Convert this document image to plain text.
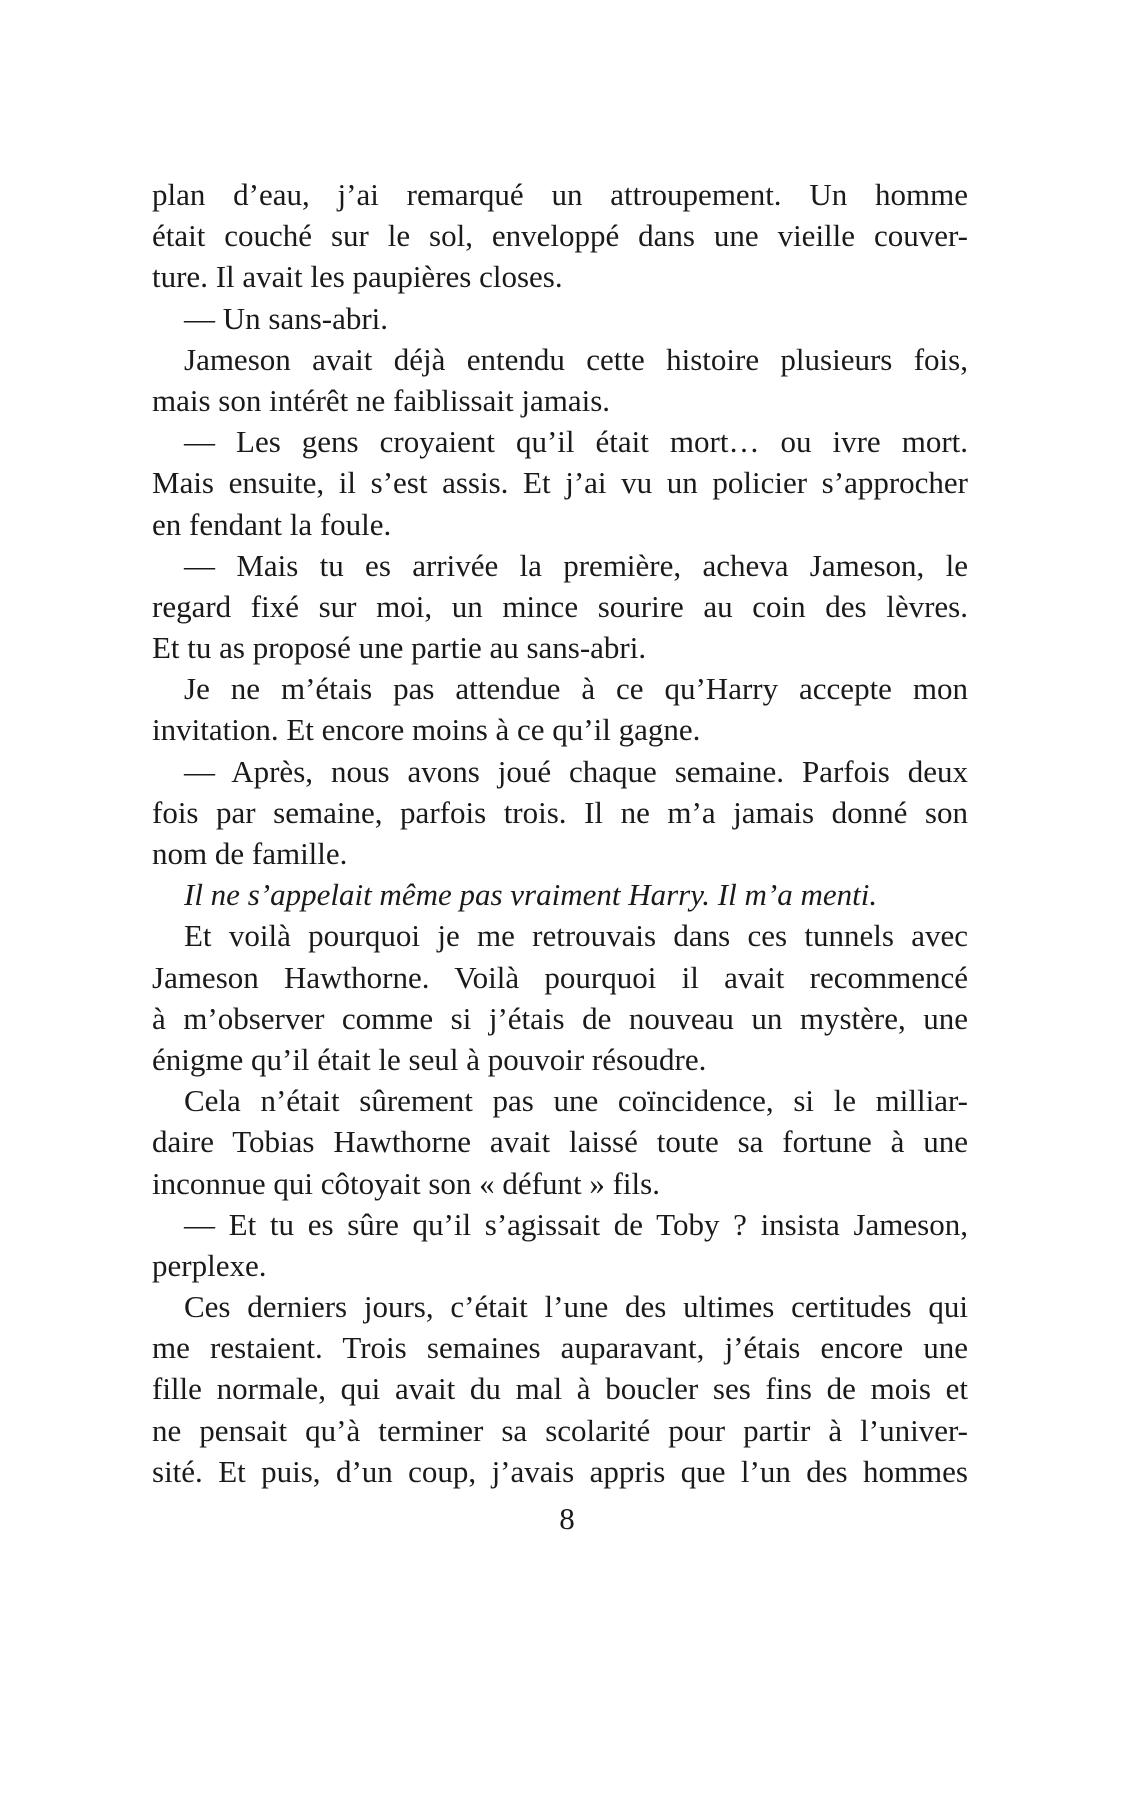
plan d’eau, j’ai remarqué un attroupement. Un homme
était couché sur le sol, enveloppé dans une vieille couver-
ture. Il avait les paupières closes.
— Un sans-abri.
Jameson avait déjà entendu cette histoire plusieurs fois,
mais son intérêt ne faiblissait jamais.
— Les gens croyaient qu’il était mort… ou ivre mort.
Mais ensuite, il s’est assis. Et j’ai vu un policier s’approcher
en fendant la foule.
— Mais tu es arrivée la première, acheva Jameson, le
regard fixé sur moi, un mince sourire au coin des lèvres.
Et tu as proposé une partie au sans-abri.
Je ne m’étais pas attendue à ce qu’Harry accepte mon
invitation. Et encore moins à ce qu’il gagne.
— Après, nous avons joué chaque semaine. Parfois deux
fois par semaine, parfois trois. Il ne m’a jamais donné son
nom de famille.
Il ne s’appelait même pas vraiment Harry. Il m’a menti.
Et voilà pourquoi je me retrouvais dans ces tunnels avec
Jameson Hawthorne. Voilà pourquoi il avait recommencé
à m’observer comme si j’étais de nouveau un mystère, une
énigme qu’il était le seul à pouvoir résoudre.
Cela n’était sûrement pas une coïncidence, si le milliar-
daire Tobias Hawthorne avait laissé toute sa fortune à une
inconnue qui côtoyait son « défunt » fils.
— Et tu es sûre qu’il s’agissait de Toby ? insista Jameson,
perplexe.
Ces derniers jours, c’était l’une des ultimes certitudes qui
me restaient. Trois semaines auparavant, j’étais encore une
fille normale, qui avait du mal à boucler ses fins de mois et
ne pensait qu’à terminer sa scolarité pour partir à l’univer-
sité. Et puis, d’un coup, j’avais appris que l’un des hommes
8
